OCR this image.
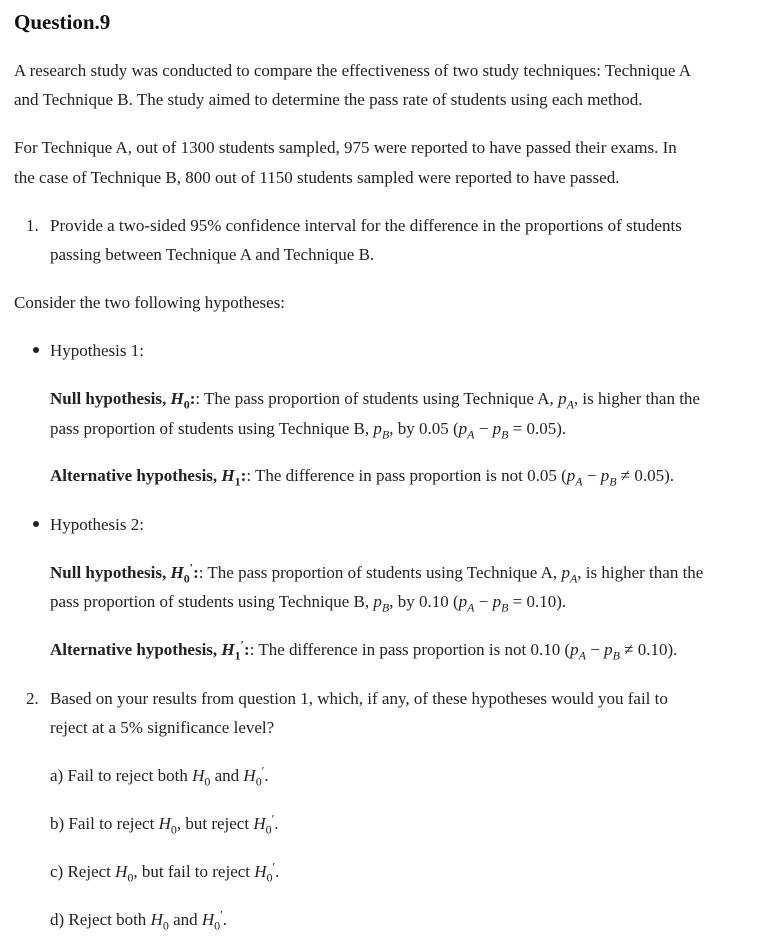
Question.9
A research study was conducted to compare the effectiveness of two study techniques: Technique A
and Technique B. The study aimed to determine the pass rate of students using each method.
For Technique A, out of 1300 students sampled, 975 were reported to have passed their exams. In
the case of Technique B, 800 out of 1150 students sampled were reported to have passed.
1. Provide a two-sided 95% confidence interval for the difference in the proportions of students
passing between Technique A and Technique B.
Consider the two following hypotheses:
Hypothesis 1:
Null hypothesis, $H_0$:: The pass proportion of students using Technique A, $p_A$, is higher than the
pass proportion of students using Technique B, $p_B$, by 0.05 $(p_A - p_B = 0.05)$.
Alternative hypothesis, $H_1$:: The difference in pass proportion is not 0.05 $(p_A - p_B \ne 0.05)$.
Hypothesis 2:
Null hypothesis, $H_0'$:: The pass proportion of students using Technique A, $p_A$, is higher than the
pass proportion of students using Technique B, $p_B$, by 0.10 $(p_A - p_B = 0.10)$.
Alternative hypothesis, $H_1'$:: The difference in pass proportion is not 0.10 $(p_A - p_B \ne 0.10)$.
2. Based on your results from question 1, which, if any, of these hypotheses would you fail to
reject at a 5% significance level?
a) Fail to reject both $H_0$ and $H_0'$.
b) Fail to reject $H_0$, but reject $H_0'$.
c) Reject $H_0$, but fail to reject $H_0'$.
d) Reject both $H_0$ and $H_0'$.
